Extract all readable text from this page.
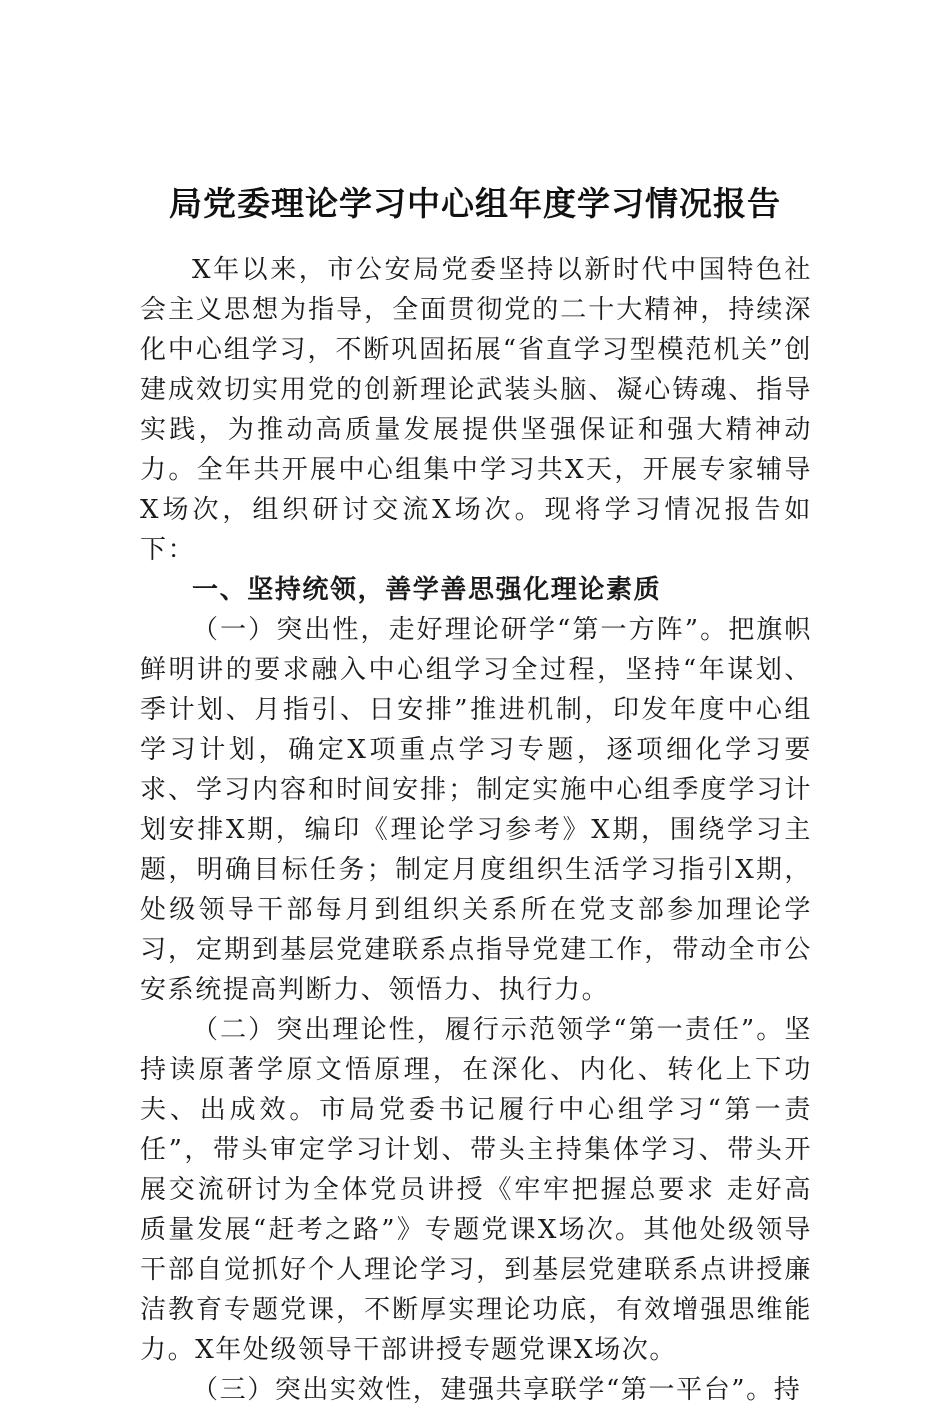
局党委理论学习中心组年度学习情况报告

X年以来，市公安局党委坚持以新时代中国特色社会主义思想为指导，全面贯彻党的二十大精神，持续深化中心组学习，不断巩固拓展“省直学习型模范机关”创建成效切实用党的创新理论武装头脑、凝心铸魂、指导实践，为推动高质量发展提供坚强保证和强大精神动力。全年共开展中心组集中学习共X天，开展专家辅导X场次，组织研讨交流X场次。现将学习情况报告如下：

一、坚持统领，善学善思强化理论素质

（一）突出性，走好理论研学“第一方阵”。把旗帜鲜明讲的要求融入中心组学习全过程，坚持“年谋划、季计划、月指引、日安排”推进机制，印发年度中心组学习计划，确定X项重点学习专题，逐项细化学习要求、学习内容和时间安排；制定实施中心组季度学习计划安排X期，编印《理论学习参考》X期，围绕学习主题，明确目标任务；制定月度组织生活学习指引X期，处级领导干部每月到组织关系所在党支部参加理论学习，定期到基层党建联系点指导党建工作，带动全市公安系统提高判断力、领悟力、执行力。

（二）突出理论性，履行示范领学“第一责任”。坚持读原著学原文悟原理，在深化、内化、转化上下功夫、出成效。市局党委书记履行中心组学习“第一责任”，带头审定学习计划、带头主持集体学习、带头开展交流研讨为全体党员讲授《牢牢把握总要求 走好高质量发展“赶考之路”》专题党课X场次。其他处级领导干部自觉抓好个人理论学习，到基层党建联系点讲授廉洁教育专题党课，不断厚实理论功底，有效增强思维能力。X年处级领导干部讲授专题党课X场次。

（三）突出实效性，建强共享联学“第一平台”。持
